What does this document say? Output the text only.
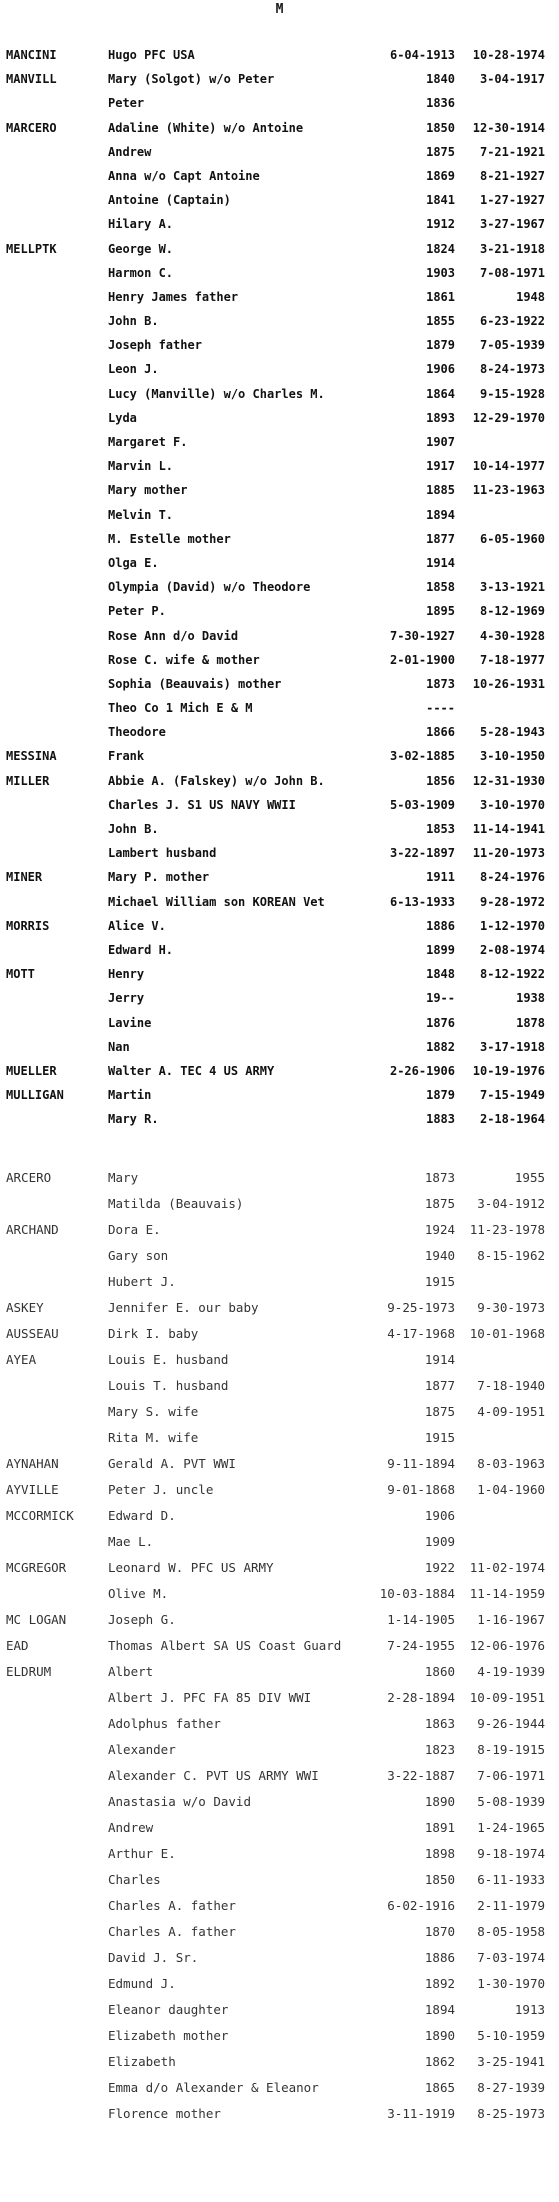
M
MANCINI	Hugo PFC USA	6-04-1913 10-28-1974
MANVILL	Mary (Solgot) w/o Peter	1840 3-04-1917
Peter	1836
MARCERO	Adaline (White) w/o Antoine	1850 12-30-1914
Andrew	1875 7-21-1921
Anna w/o Capt Antoine	1869 8-21-1927
Antoine (Captain)	1841 1-27-1927
Hilary A.	1912 3-27-1967
MELLPTK	George W.	1824 3-21-1918
Harmon C.	1903 7-08-1971
Henry James father	1861	1948
John B.	1855 6-23-1922
Joseph father	1879 7-05-1939
Leon J.	1906 8-24-1973
Lucy (Manville) w/o Charles M.	1864 9-15-1928
Lyda	1893 12-29-1970
Margaret F.	1907
Marvin L.	1917 10-14-1977
Mary mother	1885 11-23-1963
Melvin T.	1894
M. Estelle mother	1877 6-05-1960
Olga E.	1914
Olympia (David) w/o Theodore	1858 3-13-1921
Peter P.	1895 8-12-1969
Rose Ann d/o David	7-30-1927 4-30-1928
Rose C. wife & mother	2-01-1900 7-18-1977
Sophia (Beauvais) mother	1873 10-26-1931
Theo Co 1 Mich E & M	----
Theodore	1866 5-28-1943
MESSINA	Frank	3-02-1885 3-10-1950
MILLER	Abbie A. (Falskey) w/o John B.	1856 12-31-1930
Charles J. S1 US NAVY WWII	5-03-1909 3-10-1970
John B.	1853 11-14-1941
Lambert husband	3-22-1897 11-20-1973
MINER	Mary P. mother	1911 8-24-1976
Michael William son KOREAN Vet	6-13-1933 9-28-1972
MORRIS	Alice V.	1886 1-12-1970
Edward H.	1899 2-08-1974
MOTT	Henry	1848 8-12-1922
Jerry	19--	1938
Lavine	1876	1878
Nan	1882 3-17-1918
MUELLER	Walter A. TEC 4 US ARMY	2-26-1906 10-19-1976
MULLIGAN	Martin	1879 7-15-1949
Mary R.	1883 2-18-1964
ARCERO	Mary	1873	1955
Matilda (Beauvais)	1875 3-04-1912
ARCHAND	Dora E.	1924 11-23-1978
Gary son	1940 8-15-1962
Hubert J.	1915
ASKEY	Jennifer E. our baby	9-25-1973 9-30-1973
AUSSEAU	Dirk I. baby	4-17-1968 10-01-1968
AYEA	Louis E. husband	1914
Louis T. husband	1877 7-18-1940
Mary S. wife	1875 4-09-1951
Rita M. wife	1915
AYNAHAN	Gerald A. PVT WWI	9-11-1894 8-03-1963
AYVILLE	Peter J. uncle	9-01-1868 1-04-1960
MCCORMICK	Edward D.	1906
Mae L.	1909
MCGREGOR	Leonard W. PFC US ARMY	1922 11-02-1974
Olive M.	10-03-1884 11-14-1959
MC LOGAN	Joseph G.	1-14-1905 1-16-1967
EAD	Thomas Albert SA US Coast Guard	7-24-1955 12-06-1976
ELDRUM	Albert	1860 4-19-1939
Albert J. PFC FA 85 DIV WWI	2-28-1894 10-09-1951
Adolphus father	1863 9-26-1944
Alexander	1823 8-19-1915
Alexander C. PVT US ARMY WWI	3-22-1887 7-06-1971
Anastasia w/o David	1890 5-08-1939
Andrew	1891 1-24-1965
Arthur E.	1898 9-18-1974
Charles	1850 6-11-1933
Charles A. father	6-02-1916 2-11-1979
Charles A. father	1870 8-05-1958
David J. Sr.	1886 7-03-1974
Edmund J.	1892 1-30-1970
Eleanor daughter	1894	1913
Elizabeth mother	1890 5-10-1959
Elizabeth	1862 3-25-1941
Emma d/o Alexander & Eleanor	1865 8-27-1939
Florence mother	3-11-1919 8-25-1973
